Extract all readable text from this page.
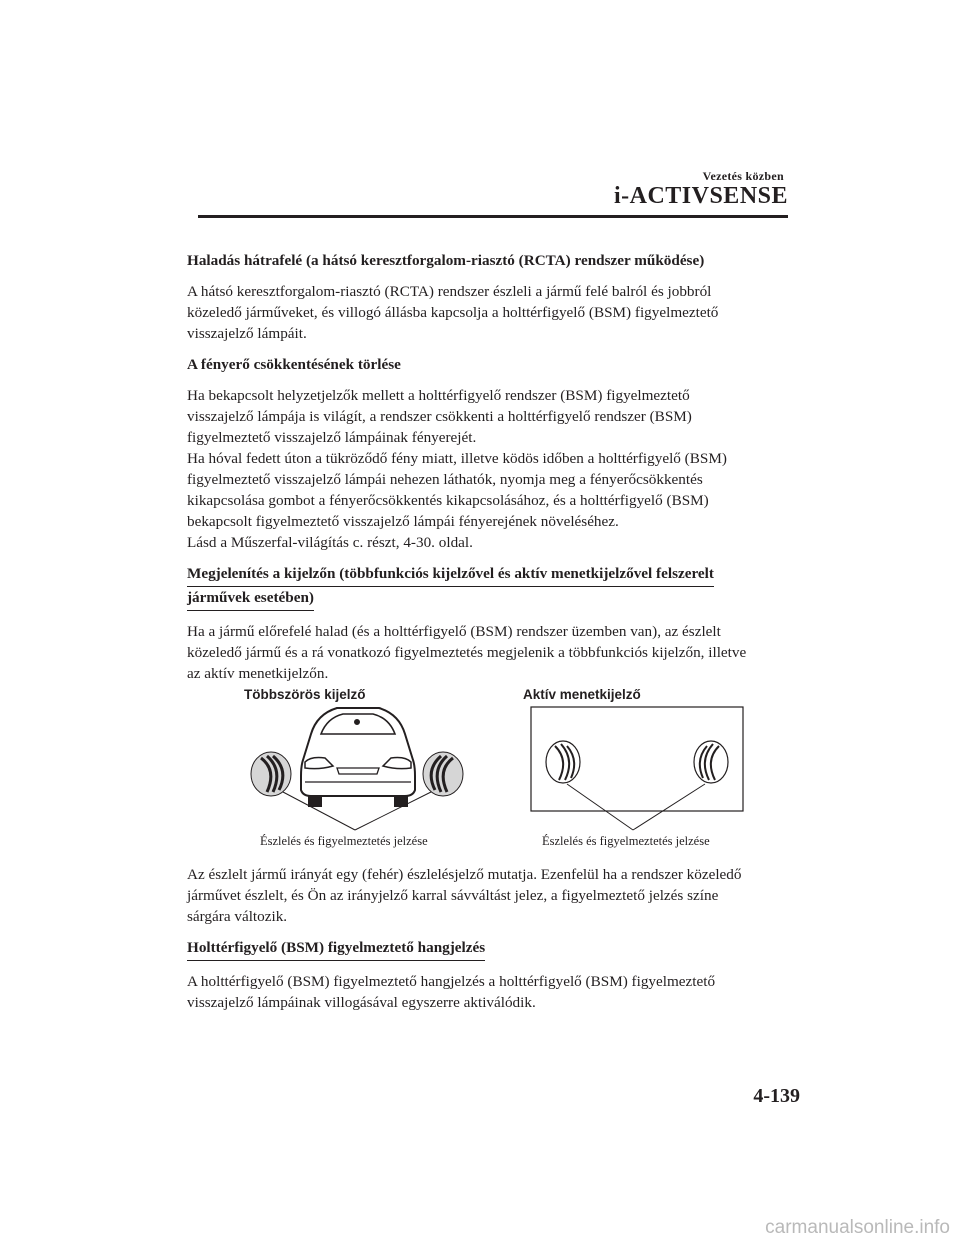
Vezetés közben
i-ACTIVSENSE
Haladás hátrafelé (a hátsó keresztforgalom-riasztó (RCTA) rendszer működése)

A hátsó keresztforgalom-riasztó (RCTA) rendszer észleli a jármű felé balról és jobbról
közeledő járműveket, és villogó állásba kapcsolja a holttérfigyelő (BSM) figyelmeztető
visszajelző lámpáit.

A fényerő csökkentésének törlése

Ha bekapcsolt helyzetjelzők mellett a holttérfigyelő rendszer (BSM) figyelmeztető
visszajelző lámpája is világít, a rendszer csökkenti a holttérfigyelő rendszer (BSM)
figyelmeztető visszajelző lámpáinak fényerejét.
Ha hóval fedett úton a tükröződő fény miatt, illetve ködös időben a holttérfigyelő (BSM)
figyelmeztető visszajelző lámpái nehezen láthatók, nyomja meg a fényerőcsökkentés
kikapcsolása gombot a fényerőcsökkentés kikapcsolásához, és a holttérfigyelő (BSM)
bekapcsolt figyelmeztető visszajelző lámpái fényerejének növeléséhez.
Lásd a Műszerfal-világítás c. részt, 4-30. oldal.

Megjelenítés a kijelzőn (többfunkciós kijelzővel és aktív menetkijelzővel felszerelt
járművek esetében)

Ha a jármű előrefelé halad (és a holttérfigyelő (BSM) rendszer üzemben van), az észlelt
közeledő jármű és a rá vonatkozó figyelmeztetés megjelenik a többfunkciós kijelzőn, illetve
az aktív menetkijelzőn.

Többszörös kijelző	Aktív menetkijelző
Észlelés és figyelmeztetés jelzése	Észlelés és figyelmeztetés jelzése

Az észlelt jármű irányát egy (fehér) észlelésjelző mutatja. Ezenfelül ha a rendszer közeledő
járművet észlelt, és Ön az irányjelző karral sávváltást jelez, a figyelmeztető jelzés színe
sárgára változik.

Holttérfigyelő (BSM) figyelmeztető hangjelzés

A holttérfigyelő (BSM) figyelmeztető hangjelzés a holttérfigyelő (BSM) figyelmeztető
visszajelző lámpáinak villogásával egyszerre aktiválódik.

4-139
carmanualsonline.info
